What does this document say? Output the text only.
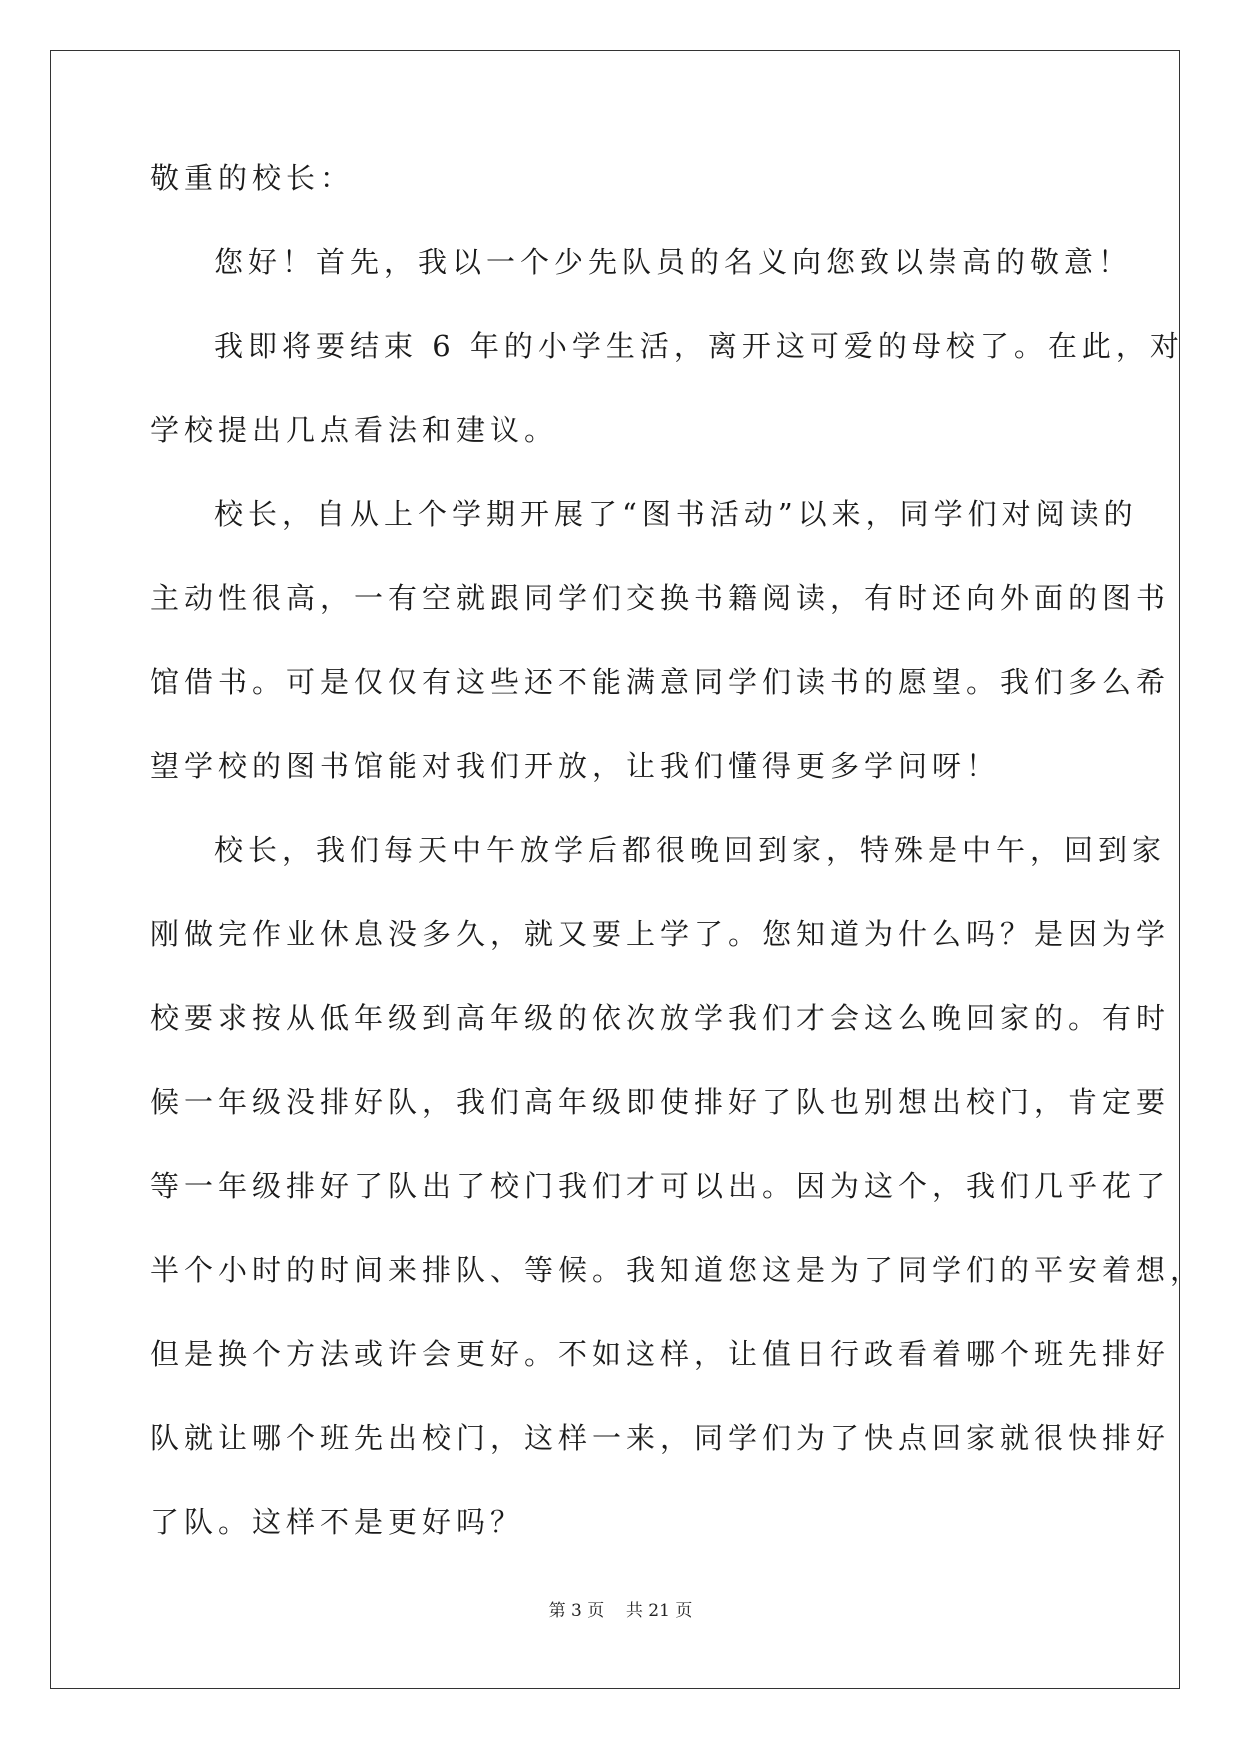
敬重的校长：
您好！首先，我以一个少先队员的名义向您致以崇高的敬意！
我即将要结束 6 年的小学生活，离开这可爱的母校了。在此，对
学校提出几点看法和建议。
校长，自从上个学期开展了“图书活动”以来，同学们对阅读的
主动性很高，一有空就跟同学们交换书籍阅读，有时还向外面的图书
馆借书。可是仅仅有这些还不能满意同学们读书的愿望。我们多么希
望学校的图书馆能对我们开放，让我们懂得更多学问呀！
校长，我们每天中午放学后都很晚回到家，特殊是中午，回到家
刚做完作业休息没多久，就又要上学了。您知道为什么吗？是因为学
校要求按从低年级到高年级的依次放学我们才会这么晚回家的。有时
候一年级没排好队，我们高年级即使排好了队也别想出校门，肯定要
等一年级排好了队出了校门我们才可以出。因为这个，我们几乎花了
半个小时的时间来排队、等候。我知道您这是为了同学们的平安着想，
但是换个方法或许会更好。不如这样，让值日行政看着哪个班先排好
队就让哪个班先出校门，这样一来，同学们为了快点回家就很快排好
了队。这样不是更好吗？
第 3 页 共 21 页
